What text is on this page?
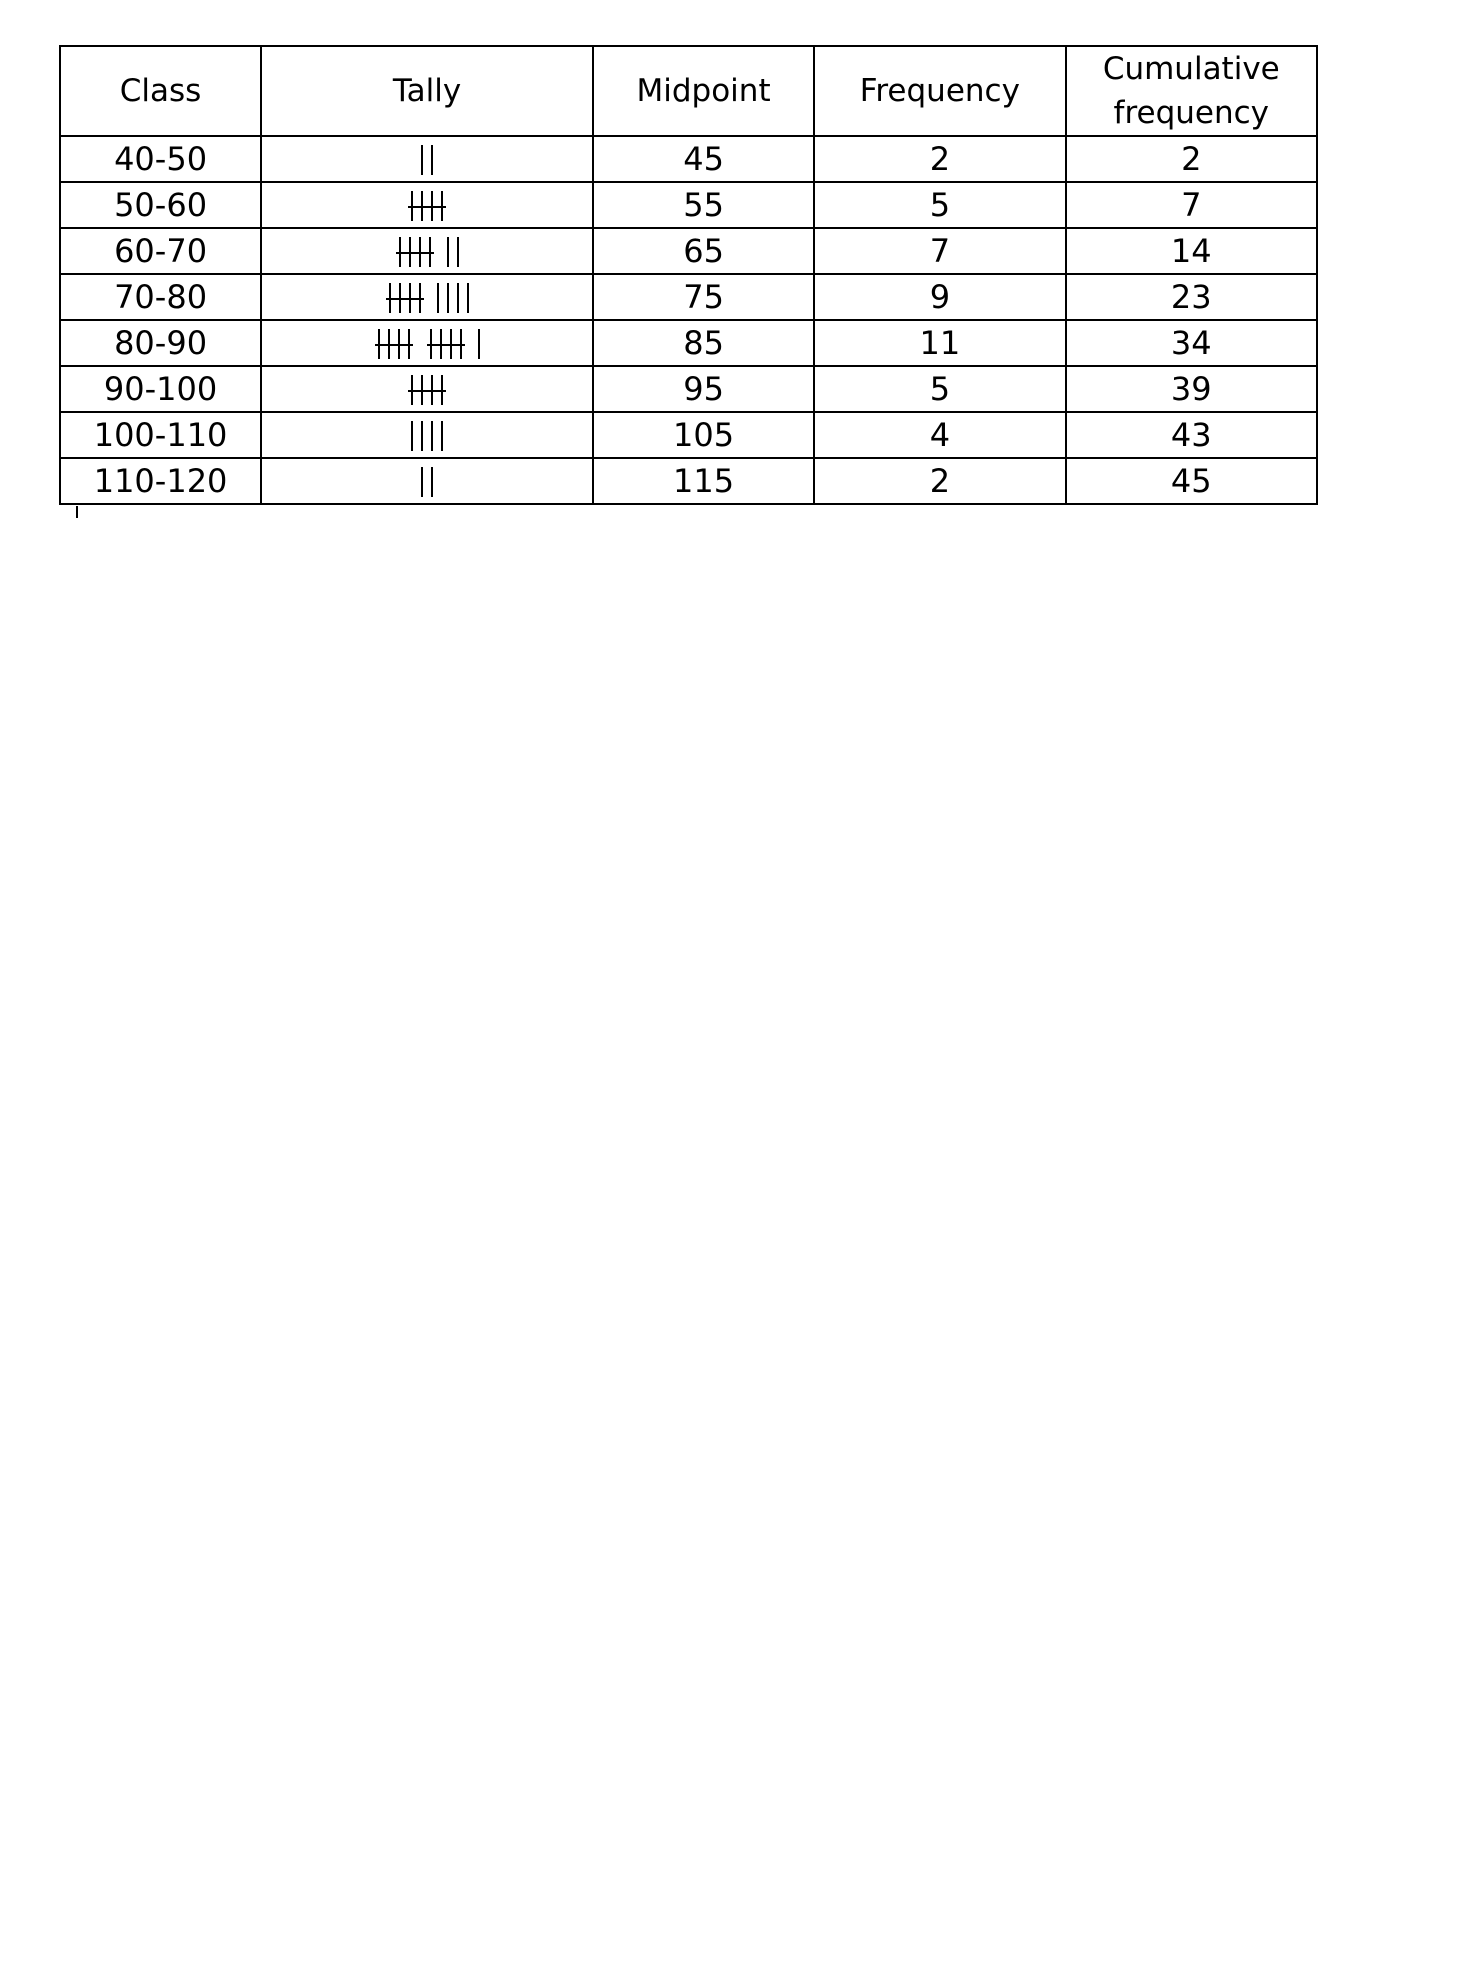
Class	Tally	Midpoint	Frequency	Cumulative
frequency
40-50		45	2	2
50-60		55	5	7
60-70		65	7	14
70-80		75	9	23
80-90		85	11	34
90-100		95	5	39
100-110		105	4	43
110-120		115	2	45
